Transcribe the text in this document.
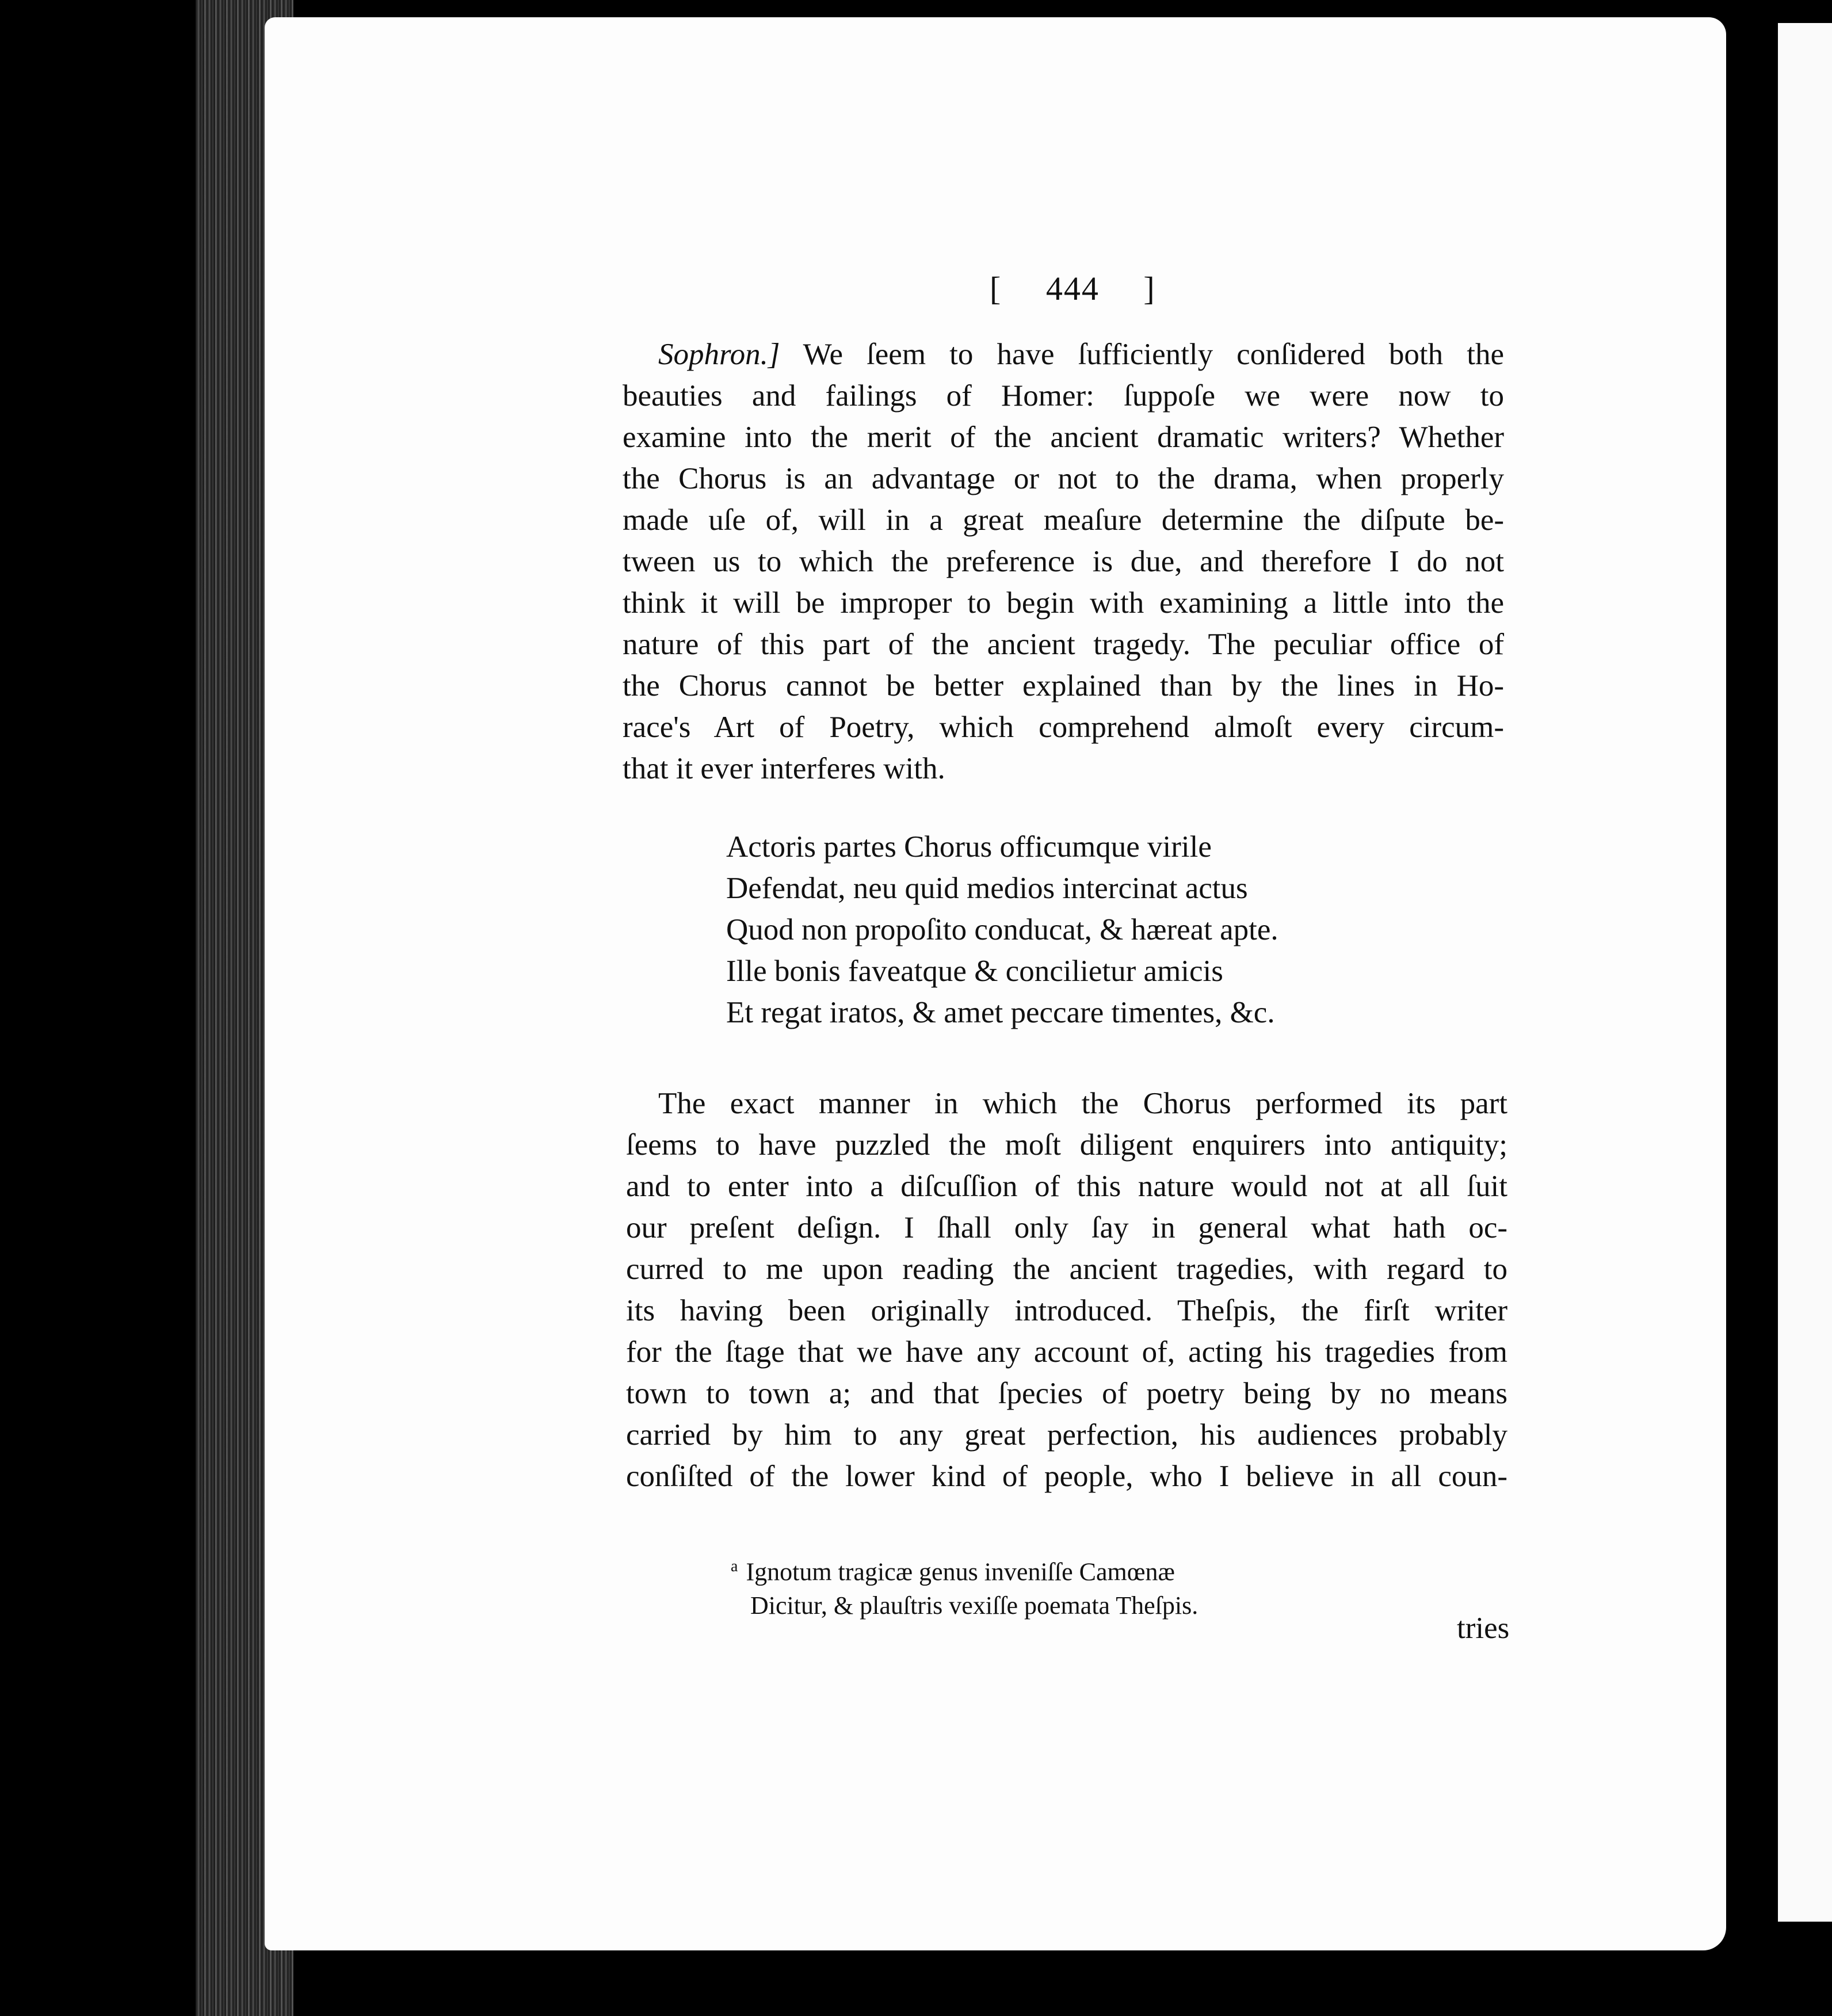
[ 444 ]

Sophron.] We ſeem to have ſufficiently conſidered both the

beauties and failings of Homer: ſuppoſe we were now to

examine into the merit of the ancient dramatic writers? Whether

the Chorus is an advantage or not to the drama, when properly

made uſe of, will in a great meaſure determine the diſpute be-

tween us to which the preference is due, and therefore I do not

think it will be improper to begin with examining a little into the

nature of this part of the ancient tragedy. The peculiar office of

the Chorus cannot be better explained than by the lines in Ho-

race's Art of Poetry, which comprehend almoſt every circum-

that it ever interferes with.

Actoris partes Chorus officumque virile

Defendat, neu quid medios intercinat actus

Quod non propoſito conducat, & hæreat apte.

Ille bonis faveatque & concilietur amicis

Et regat iratos, & amet peccare timentes, &c.

The exact manner in which the Chorus performed its part

ſeems to have puzzled the moſt diligent enquirers into antiquity;

and to enter into a diſcuſſion of this nature would not at all ſuit

our preſent deſign. I ſhall only ſay in general what hath oc-

curred to me upon reading the ancient tragedies, with regard to

its having been originally introduced. Theſpis, the firſt writer

for the ſtage that we have any account of, acting his tragedies from

town to town a; and that ſpecies of poetry being by no means

carried by him to any great perfection, his audiences probably

conſiſted of the lower kind of people, who I believe in all coun-

$^a$ Ignotum tragicæ genus inveniſſe Camœnæ
Dicitur, & plauſtris vexiſſe poemata Theſpis.
tries
